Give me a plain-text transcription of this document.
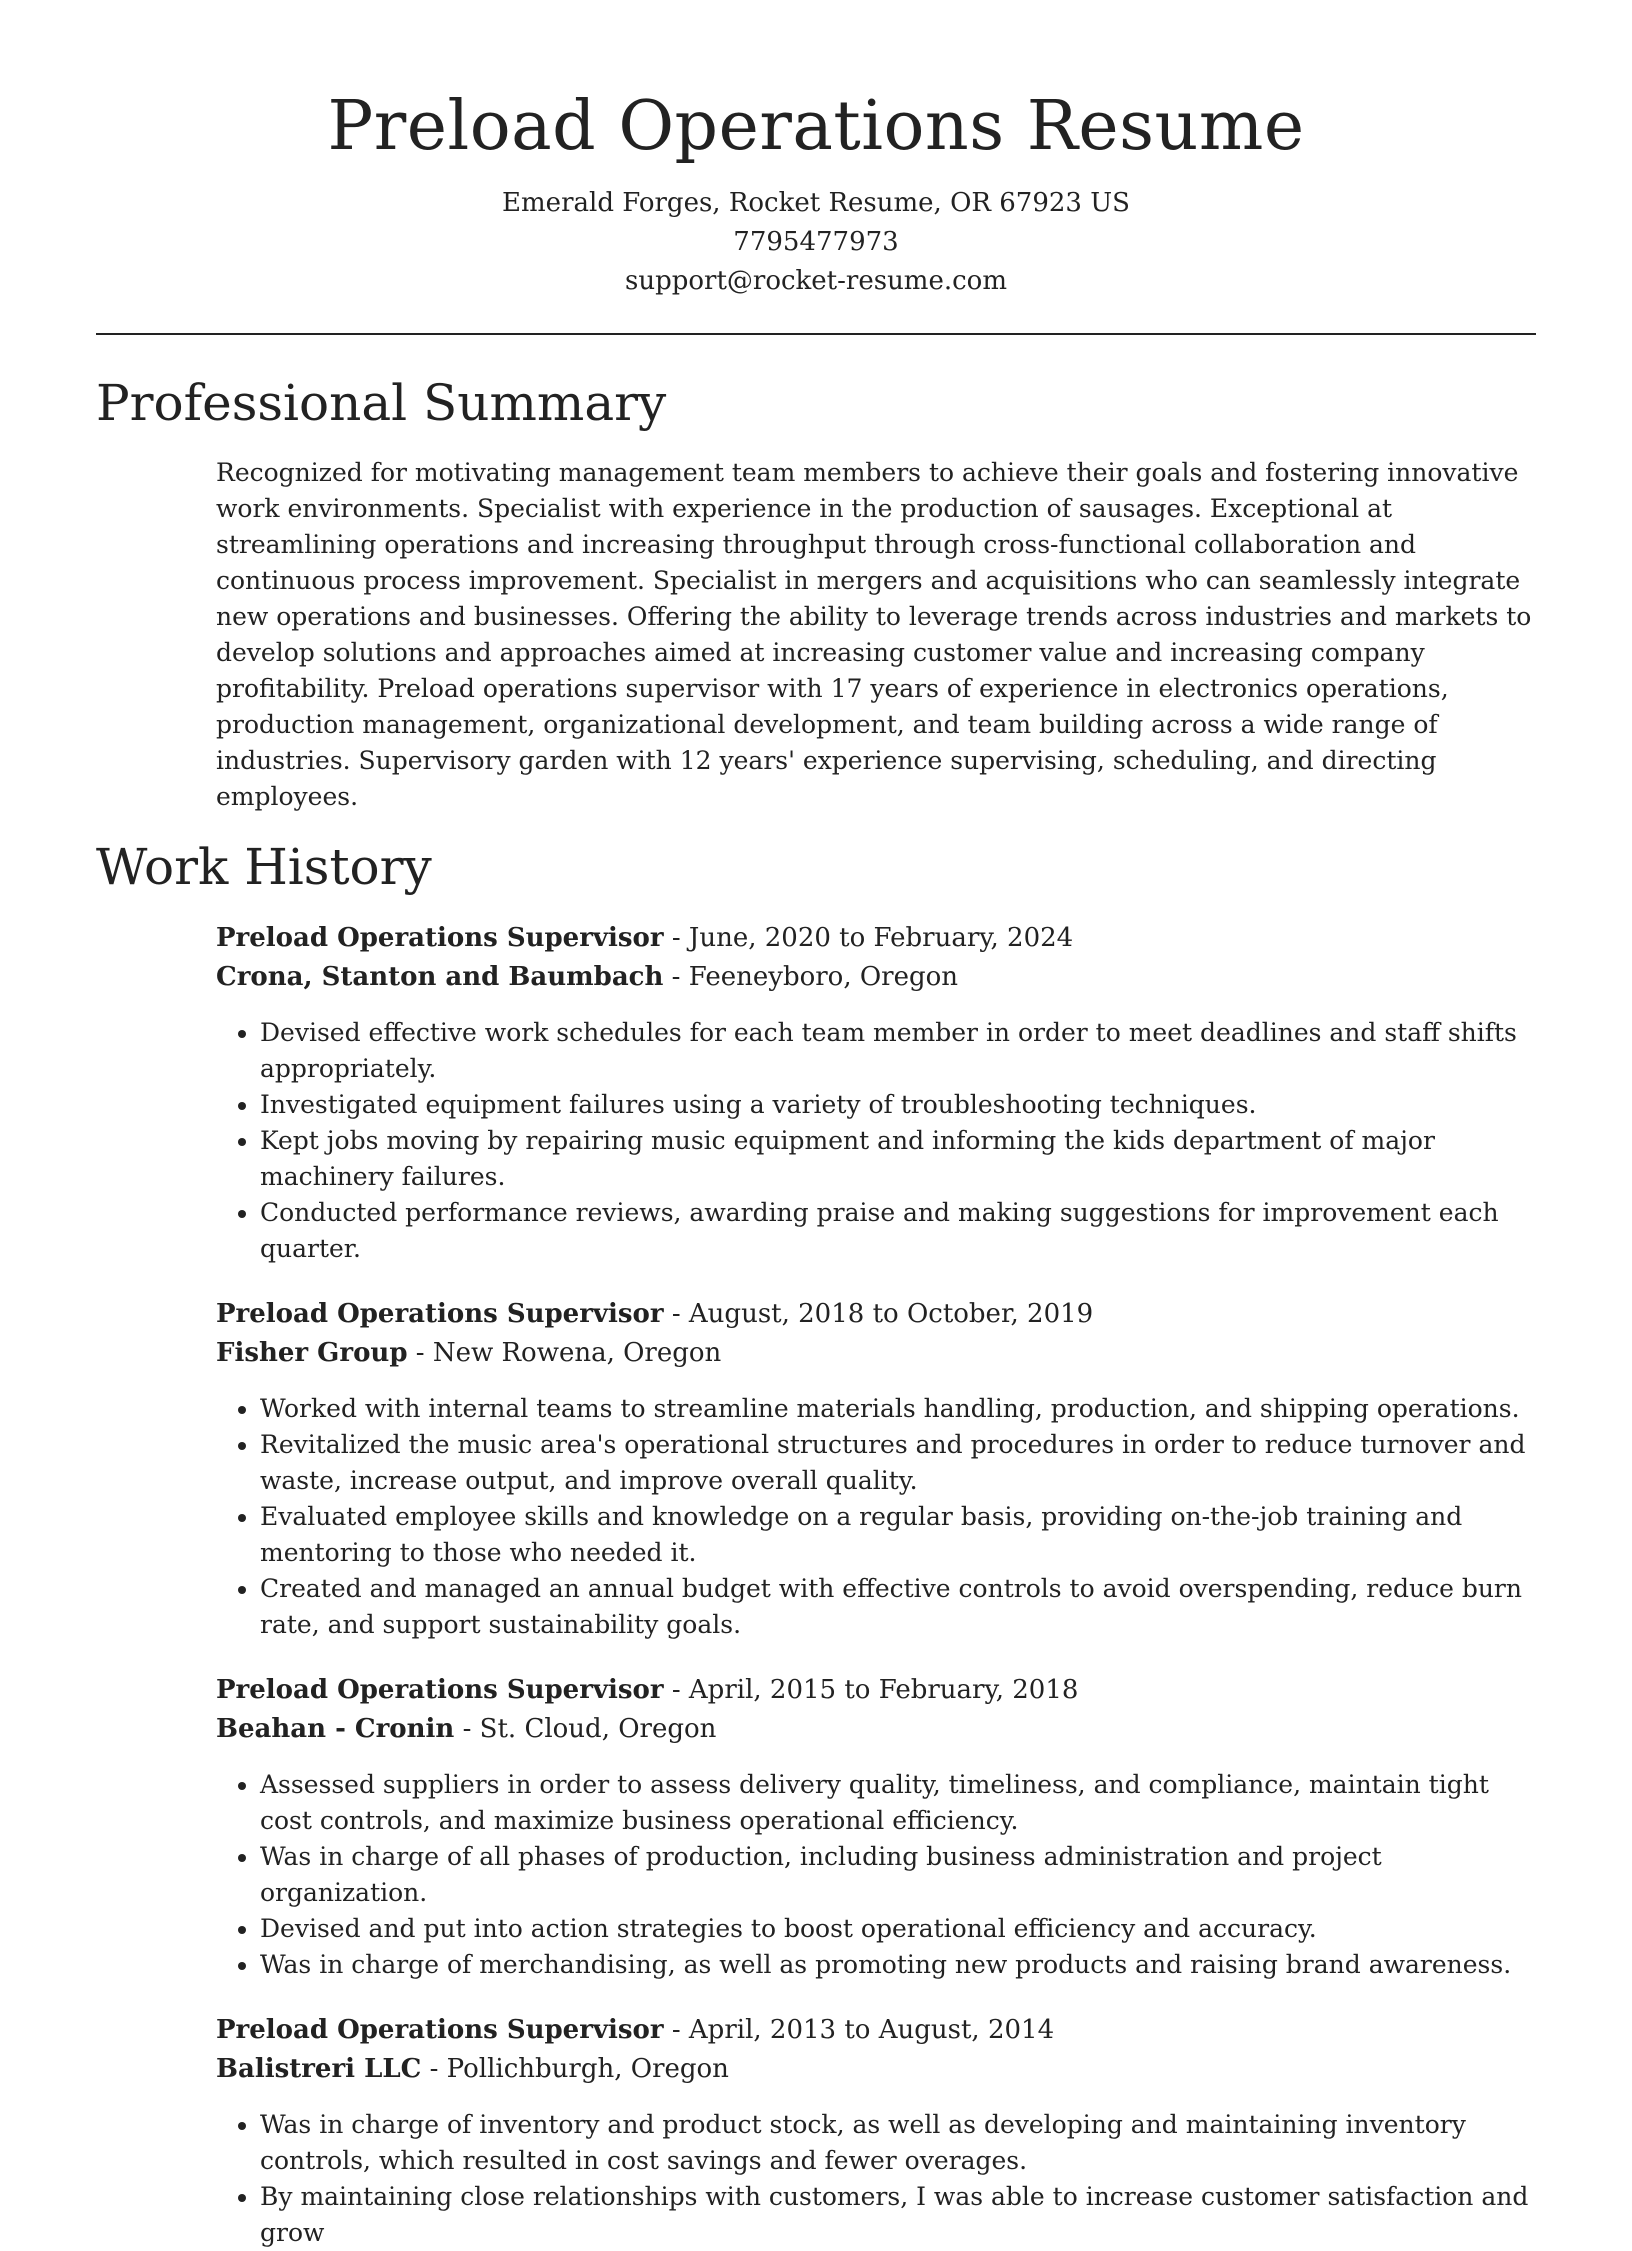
Preload Operations Resume
Emerald Forges, Rocket Resume, OR 67923 US
7795477973
support@rocket-resume.com
Professional Summary

Recognized for motivating management team members to achieve their goals and fostering innovative work environments. Specialist with experience in the production of sausages. Exceptional at streamlining operations and increasing throughput through cross-functional collaboration and continuous process improvement. Specialist in mergers and acquisitions who can seamlessly integrate new operations and businesses. Offering the ability to leverage trends across industries and markets to develop solutions and approaches aimed at increasing customer value and increasing company profitability. Preload operations supervisor with 17 years of experience in electronics operations, production management, organizational development, and team building across a wide range of industries. Supervisory garden with 12 years' experience supervising, scheduling, and directing employees.

Work History
Preload Operations Supervisor - June, 2020 to February, 2024
Crona, Stanton and Baumbach - Feeneyboro, Oregon
• Devised effective work schedules for each team member in order to meet deadlines and staff shifts appropriately.
• Investigated equipment failures using a variety of troubleshooting techniques.
• Kept jobs moving by repairing music equipment and informing the kids department of major machinery failures.
• Conducted performance reviews, awarding praise and making suggestions for improvement each quarter.
Preload Operations Supervisor - August, 2018 to October, 2019
Fisher Group - New Rowena, Oregon
• Worked with internal teams to streamline materials handling, production, and shipping operations.
• Revitalized the music area's operational structures and procedures in order to reduce turnover and waste, increase output, and improve overall quality.
• Evaluated employee skills and knowledge on a regular basis, providing on-the-job training and mentoring to those who needed it.
• Created and managed an annual budget with effective controls to avoid overspending, reduce burn rate, and support sustainability goals.
Preload Operations Supervisor - April, 2015 to February, 2018
Beahan - Cronin - St. Cloud, Oregon
• Assessed suppliers in order to assess delivery quality, timeliness, and compliance, maintain tight cost controls, and maximize business operational efficiency.
• Was in charge of all phases of production, including business administration and project organization.
• Devised and put into action strategies to boost operational efficiency and accuracy.
• Was in charge of merchandising, as well as promoting new products and raising brand awareness.
Preload Operations Supervisor - April, 2013 to August, 2014
Balistreri LLC - Pollichburgh, Oregon
• Was in charge of inventory and product stock, as well as developing and maintaining inventory controls, which resulted in cost savings and fewer overages.
• By maintaining close relationships with customers, I was able to increase customer satisfaction and grow
